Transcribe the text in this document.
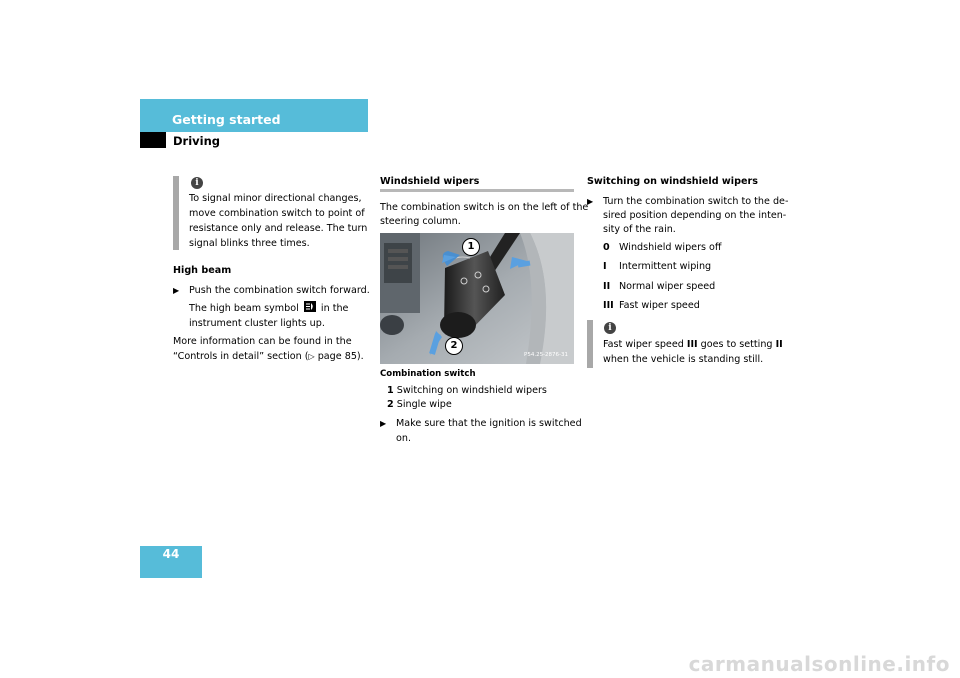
Getting started
Driving
i
To signal minor directional changes,
move combination switch to point of
resistance only and release. The turn
signal blinks three times.
High beam
▶ Push the combination switch forward.
The high beam symbol in the
instrument cluster lights up.
More information can be found in the
“Controls in detail” section (▷ page 85).
Windshield wipers
The combination switch is on the left of the
steering column.
1
2
P54.25-2876-31
Combination switch
1 Switching on windshield wipers
2 Single wipe
▶ Make sure that the ignition is switched
on.
Switching on windshield wipers
▶ Turn the combination switch to the de-
sired position depending on the inten-
sity of the rain.
0 Windshield wipers off
I Intermittent wiping
II Normal wiper speed
III Fast wiper speed
i
Fast wiper speed III goes to setting II
when the vehicle is standing still.
44
carmanualsonline.info
